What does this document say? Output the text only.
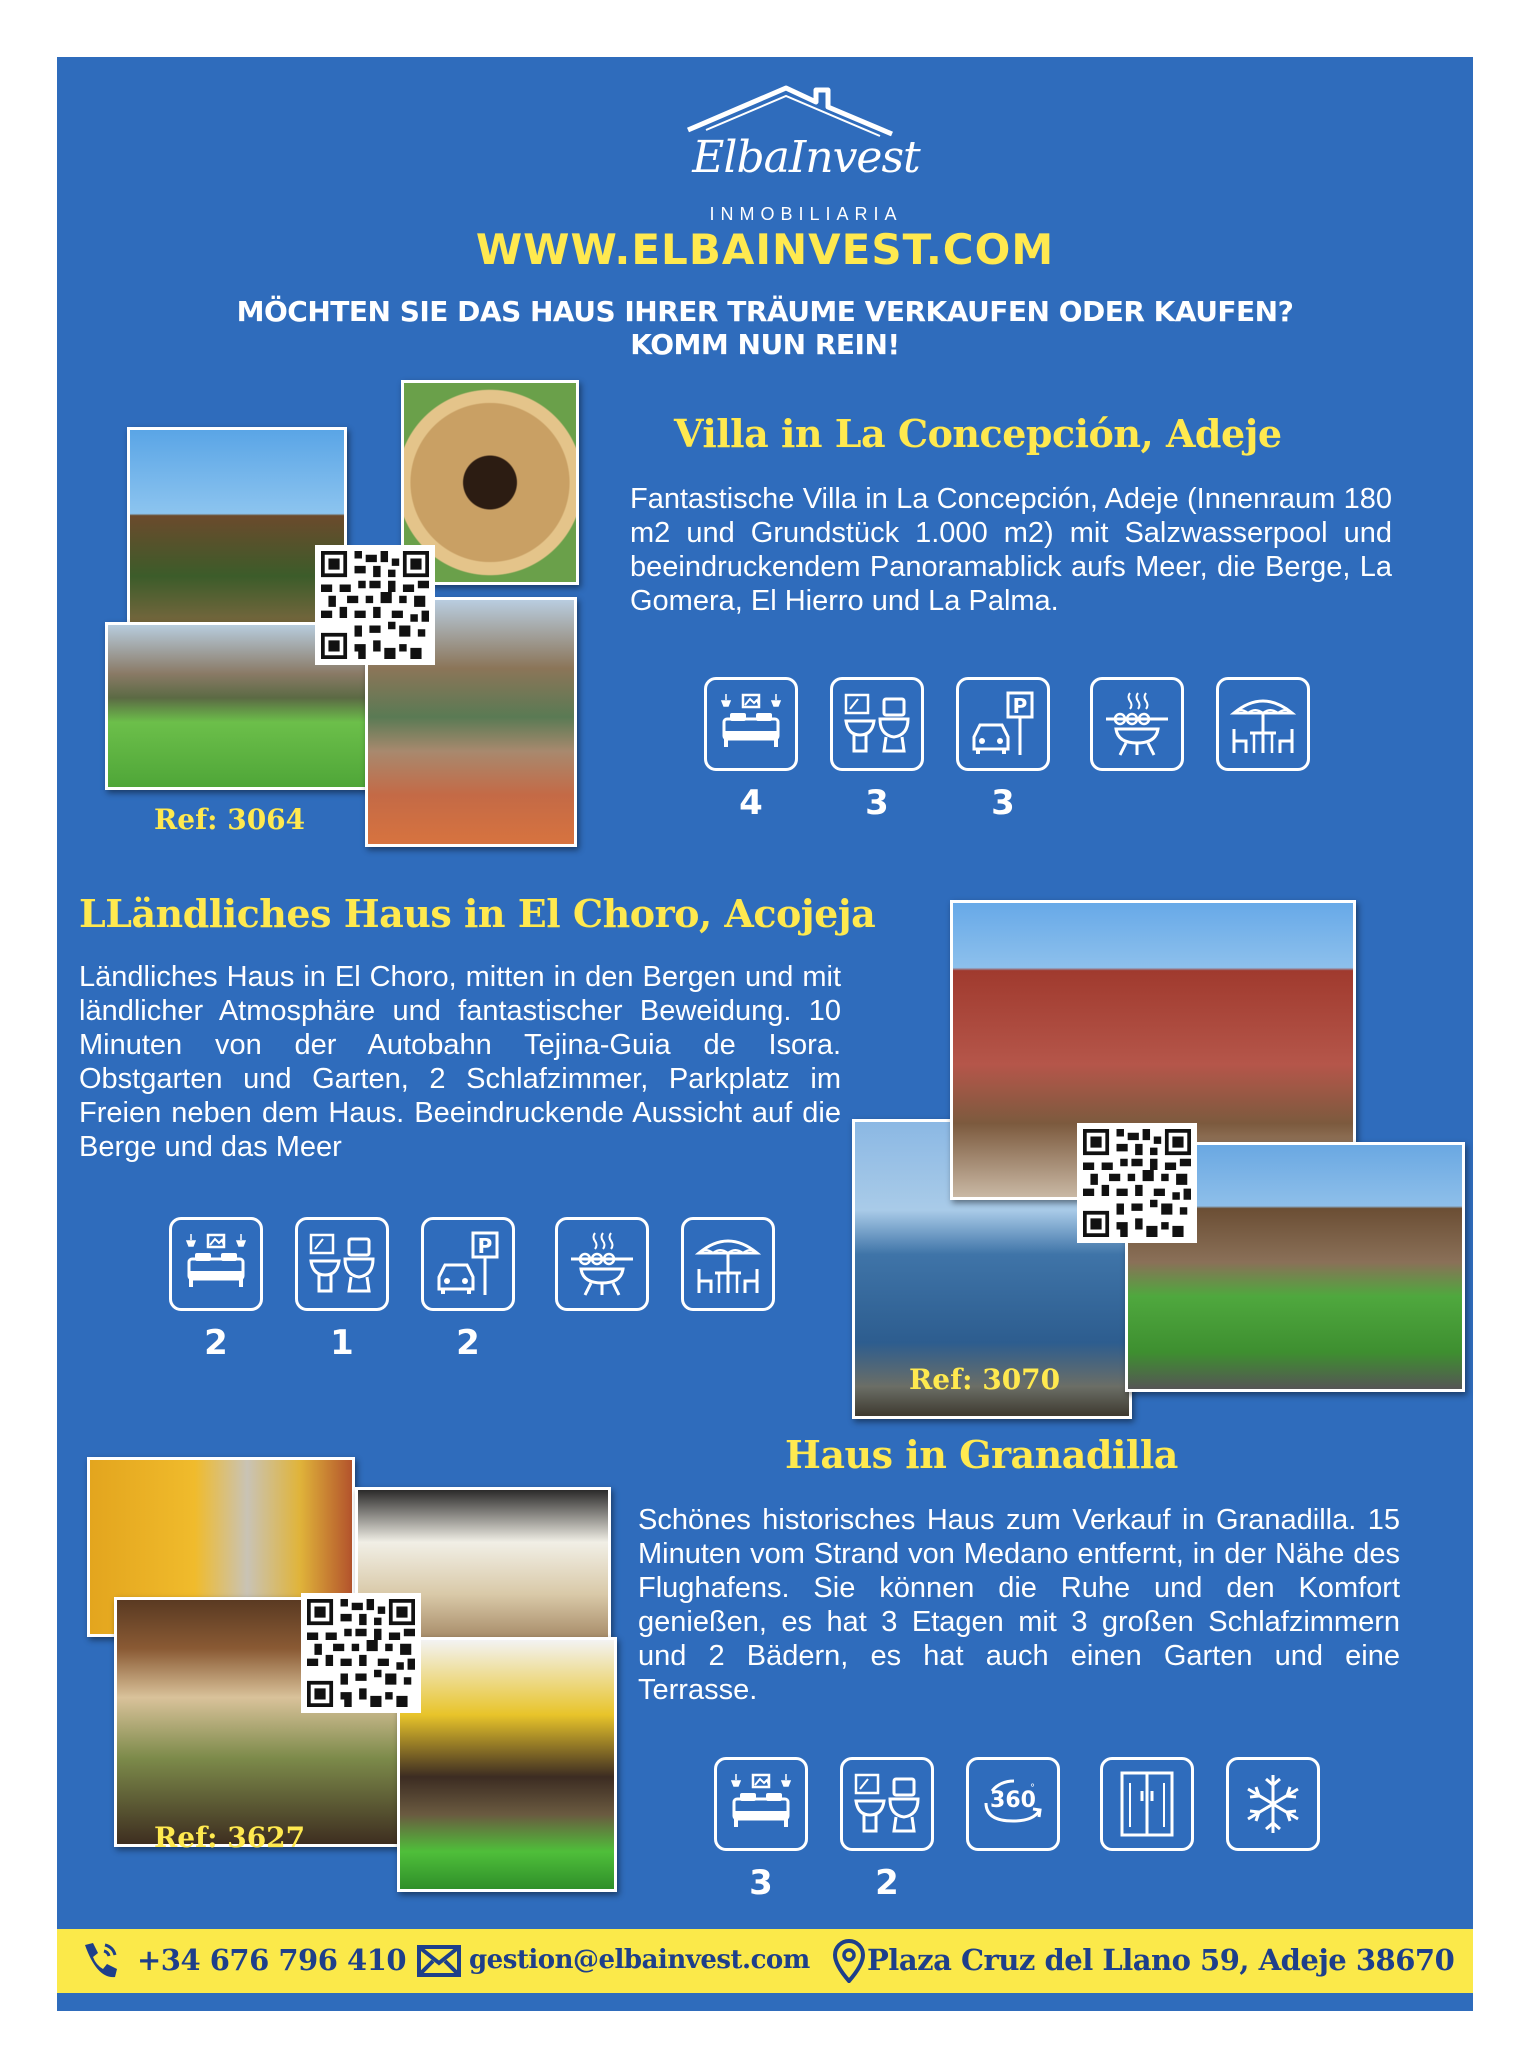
ElbaInvest
INMOBILIARIA
WWW.ELBAINVEST.COM
MÖCHTEN SIE DAS HAUS IHRER TRÄUME VERKAUFEN ODER KAUFEN?
KOMM NUN REIN!
Ref: 3064
Villa in La Concepción, Adeje
Fantastische Villa in La Concepción, Adeje (Innenraum 180 m2 und Grundstück 1.000 m2) mit Salzwasserpool und beeindruckendem Panoramablick aufs Meer, die Berge, La Gomera, El Hierro und La Palma.
4	3	3
LLändliches Haus in El Choro, Acojeja
Ländliches Haus in El Choro, mitten in den Bergen und mit ländlicher Atmosphäre und fantastischer Beweidung. 10 Minuten von der Autobahn Tejina-Guia de Isora. Obstgarten und Garten, 2 Schlafzimmer, Parkplatz im Freien neben dem Haus. Beeindruckende Aussicht auf die Berge und das Meer
2	1	2
Ref: 3070
Ref: 3627
Haus in Granadilla
Schönes historisches Haus zum Verkauf in Granadilla. 15 Minuten vom Strand von Medano entfernt, in der Nähe des Flughafens. Sie können die Ruhe und den Komfort genießen, es hat 3 Etagen mit 3 großen Schlafzimmern und 2 Bädern, es hat auch einen Garten und eine Terrasse.
3	2
+34 676 796 410 gestion@elbainvest.com Plaza Cruz del Llano 59, Adeje 38670
